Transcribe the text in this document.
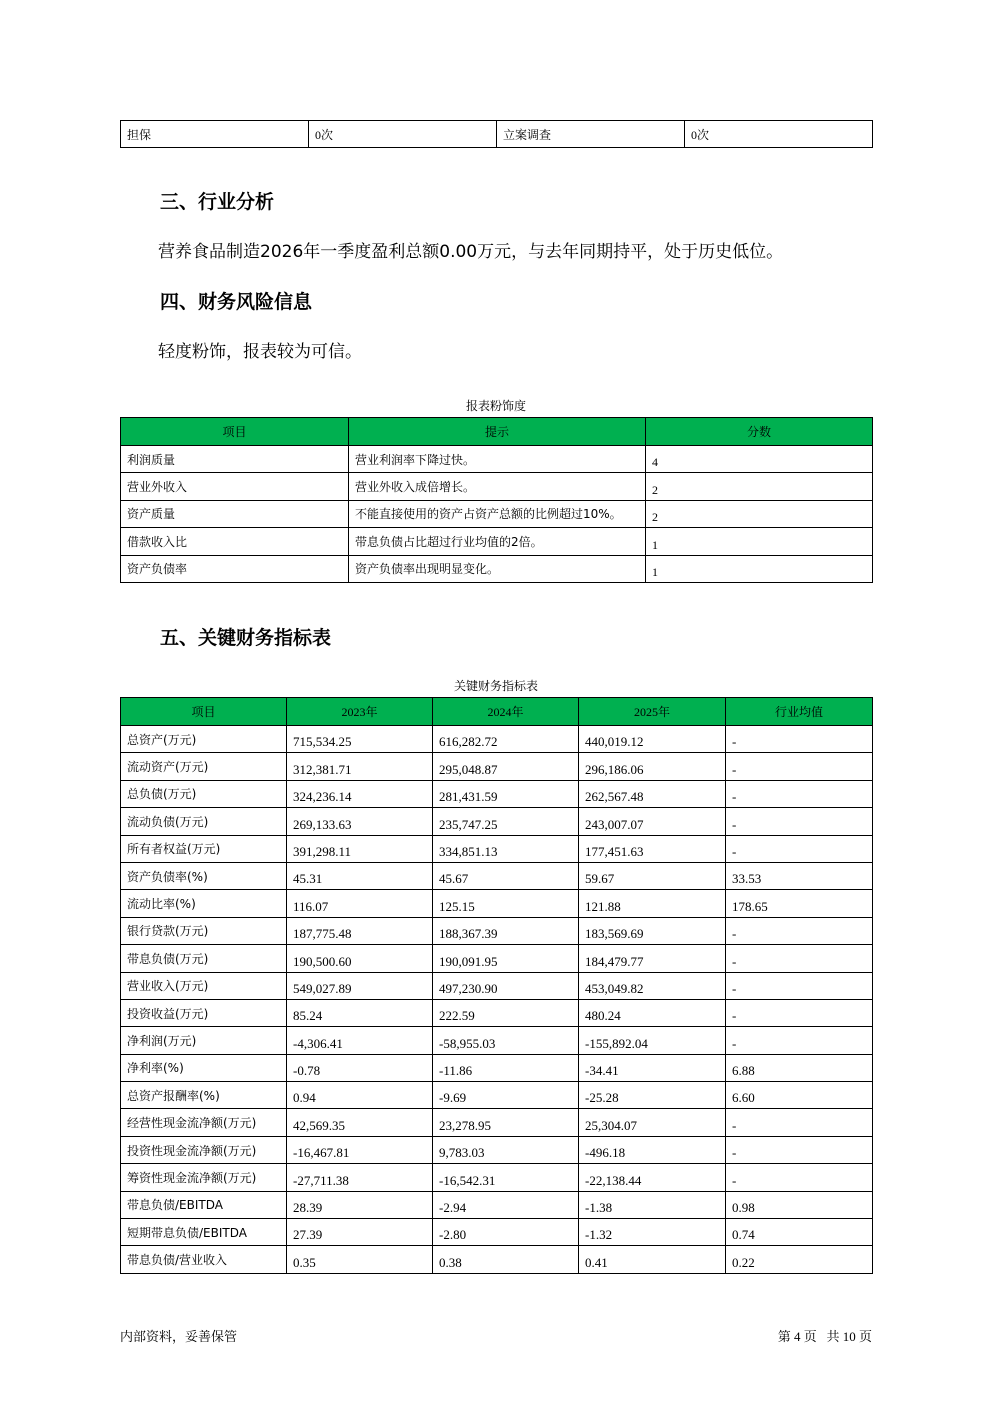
担保	0次	立案调查	0次
三、行业分析

营养食品制造2026年一季度盈利总额0.00万元，与去年同期持平，处于历史低位。

四、财务风险信息

轻度粉饰，报表较为可信。

报表粉饰度

项目	提示	分数
利润质量	营业利润率下降过快。	4
营业外收入	营业外收入成倍增长。	2
资产质量	不能直接使用的资产占资产总额的比例超过10%。	2
借款收入比	带息负债占比超过行业均值的2倍。	1
资产负债率	资产负债率出现明显变化。	1
五、关键财务指标表

关键财务指标表

项目	2023年	2024年	2025年	行业均值
总资产(万元)	715,534.25	616,282.72	440,019.12	-
流动资产(万元)	312,381.71	295,048.87	296,186.06	-
总负债(万元)	324,236.14	281,431.59	262,567.48	-
流动负债(万元)	269,133.63	235,747.25	243,007.07	-
所有者权益(万元)	391,298.11	334,851.13	177,451.63	-
资产负债率(%)	45.31	45.67	59.67	33.53
流动比率(%)	116.07	125.15	121.88	178.65
银行贷款(万元)	187,775.48	188,367.39	183,569.69	-
带息负债(万元)	190,500.60	190,091.95	184,479.77	-
营业收入(万元)	549,027.89	497,230.90	453,049.82	-
投资收益(万元)	85.24	222.59	480.24	-
净利润(万元)	-4,306.41	-58,955.03	-155,892.04	-
净利率(%)	-0.78	-11.86	-34.41	6.88
总资产报酬率(%)	0.94	-9.69	-25.28	6.60
经营性现金流净额(万元)	42,569.35	23,278.95	25,304.07	-
投资性现金流净额(万元)	-16,467.81	9,783.03	-496.18	-
筹资性现金流净额(万元)	-27,711.38	-16,542.31	-22,138.44	-
带息负债/EBITDA	28.39	-2.94	-1.38	0.98
短期带息负债/EBITDA	27.39	-2.80	-1.32	0.74
带息负债/营业收入	0.35	0.38	0.41	0.22
内部资料，妥善保管	第 4 页   共 10 页
